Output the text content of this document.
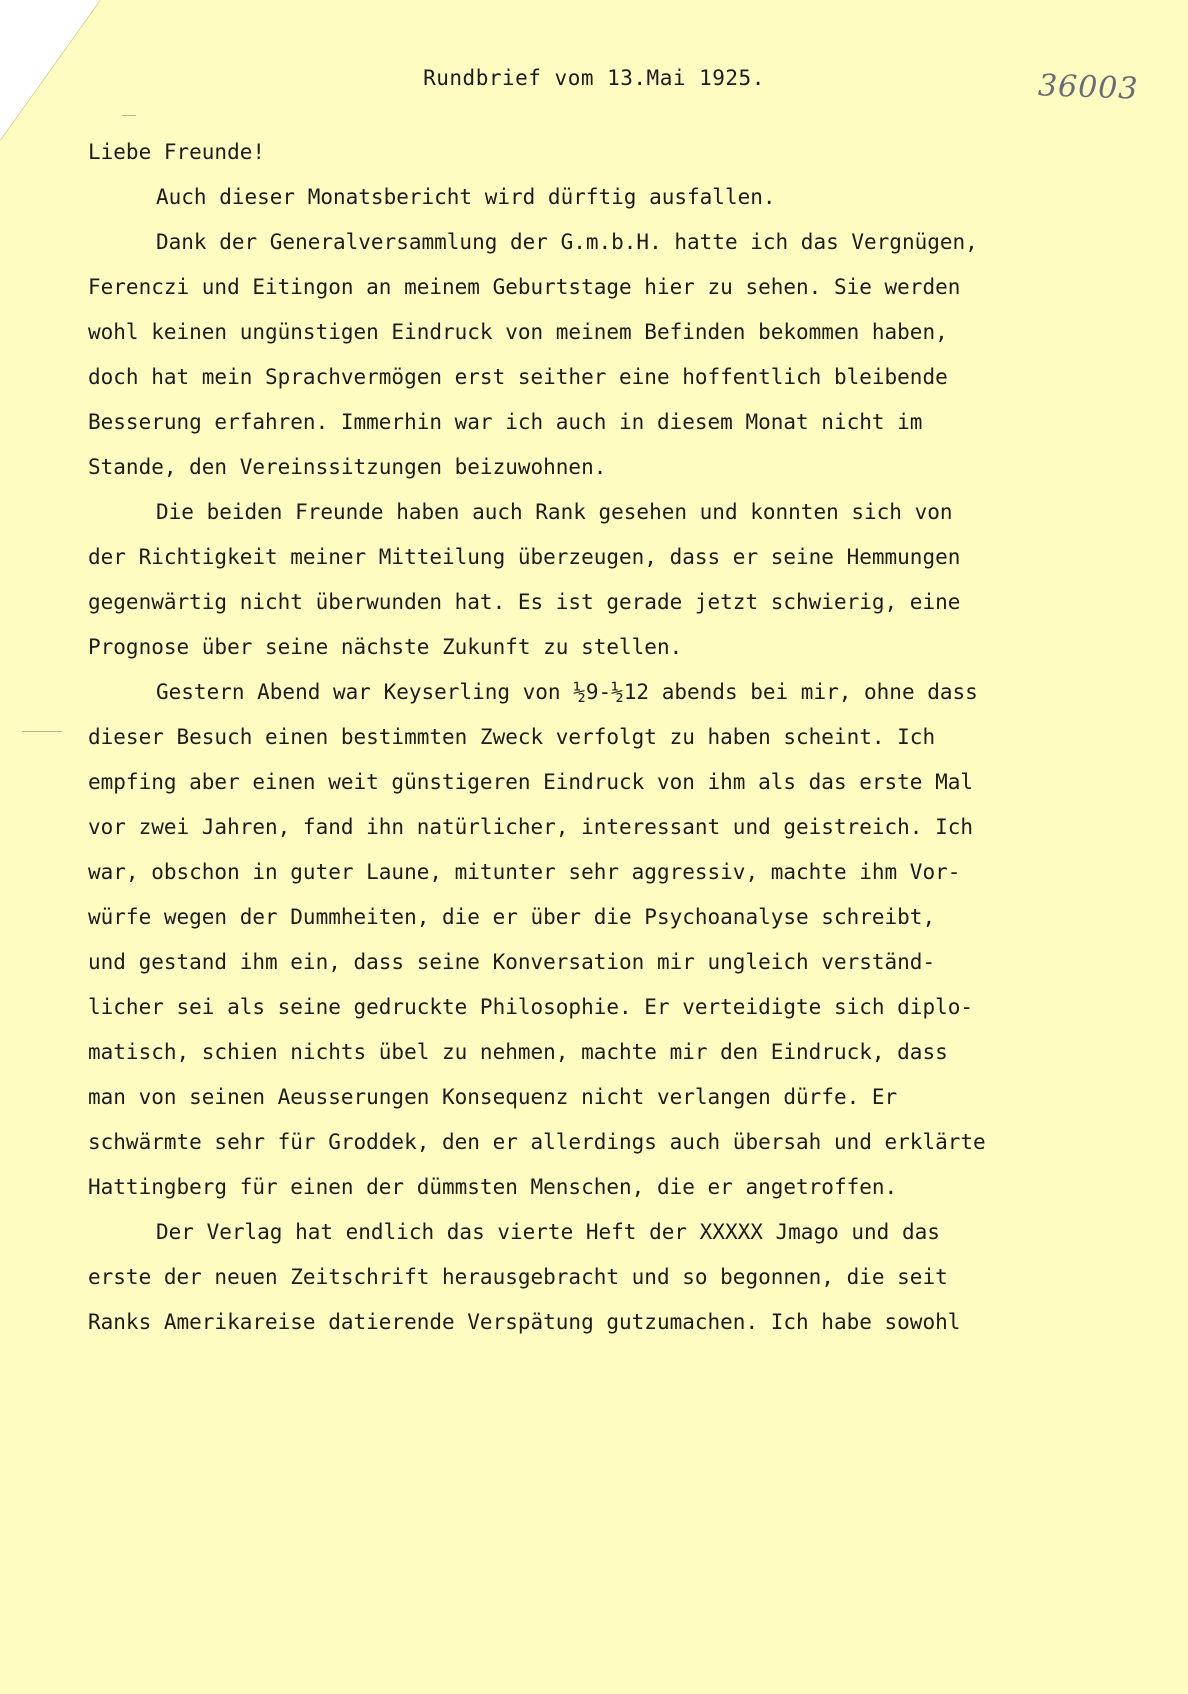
36003
Rundbrief vom 13.Mai 1925.

Liebe Freunde!

Auch dieser Monatsbericht wird dürftig ausfallen.
Dank der Generalversammlung der G.m.b.H. hatte ich das Vergnügen,
Ferenczi und Eitingon an meinem Geburtstage hier zu sehen. Sie werden
wohl keinen ungünstigen Eindruck von meinem Befinden bekommen haben,
doch hat mein Sprachvermögen erst seither eine hoffentlich bleibende
Besserung erfahren. Immerhin war ich auch in diesem Monat nicht im
Stande, den Vereinssitzungen beizuwohnen.
Die beiden Freunde haben auch Rank gesehen und konnten sich von
der Richtigkeit meiner Mitteilung überzeugen, dass er seine Hemmungen
gegenwärtig nicht überwunden hat. Es ist gerade jetzt schwierig, eine
Prognose über seine nächste Zukunft zu stellen.
Gestern Abend war Keyserling von ½9-½12 abends bei mir, ohne dass
dieser Besuch einen bestimmten Zweck verfolgt zu haben scheint. Ich
empfing aber einen weit günstigeren Eindruck von ihm als das erste Mal
vor zwei Jahren, fand ihn natürlicher, interessant und geistreich. Ich
war, obschon in guter Laune, mitunter sehr aggressiv, machte ihm Vor-
würfe wegen der Dummheiten, die er über die Psychoanalyse schreibt,
und gestand ihm ein, dass seine Konversation mir ungleich verständ-
licher sei als seine gedruckte Philosophie. Er verteidigte sich diplo-
matisch, schien nichts übel zu nehmen, machte mir den Eindruck, dass
man von seinen Aeusserungen Konsequenz nicht verlangen dürfe. Er
schwärmte sehr für Groddek, den er allerdings auch übersah und erklärte
Hattingberg für einen der dümmsten Menschen, die er angetroffen.
Der Verlag hat endlich das vierte Heft der XXXXX Jmago und das
erste der neuen Zeitschrift herausgebracht und so begonnen, die seit
Ranks Amerikareise datierende Verspätung gutzumachen. Ich habe sowohl
